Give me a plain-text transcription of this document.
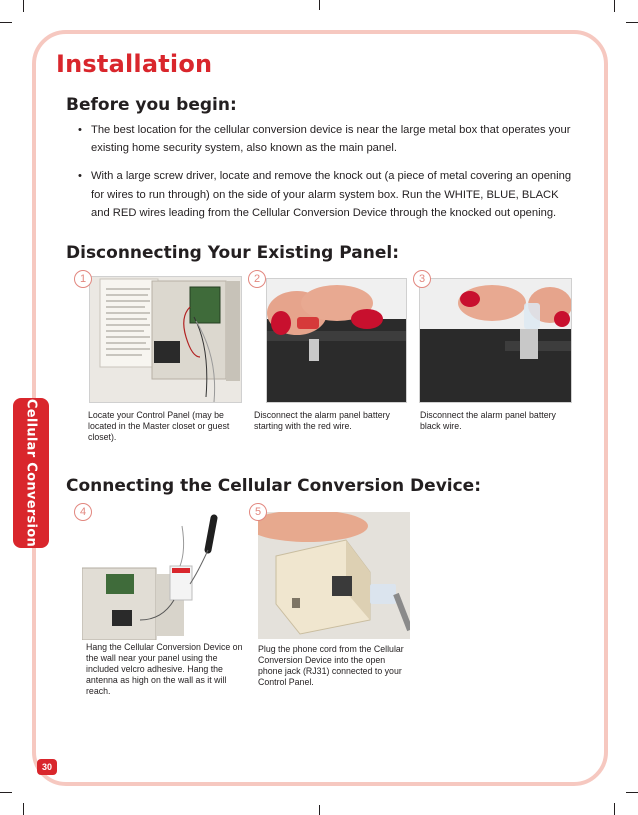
Cellular Conversion
30
Installation
Before you begin:
• The best location for the cellular conversion device is near the large metal box that operates your existing home security system, also known as the main panel.
• With a large screw driver, locate and remove the knock out (a piece of metal covering an opening for wires to run through) on the side of your alarm system box. Run the WHITE, BLUE, BLACK and RED wires leading from the Cellular Conversion Device through the knocked out opening.
Disconnecting Your Existing Panel:
1	2	3
Locate your Control Panel (may be located in the Master closet or guest closet).
Disconnect the alarm panel battery starting with the red wire.
Disconnect the alarm panel battery black wire.
Connecting the Cellular Conversion Device:
4	5
Hang the Cellular Conversion Device on the wall near your panel using the included velcro adhesive. Hang the antenna as high on the wall as it will reach.
Plug the phone cord from the Cellular Conversion Device into the open phone jack (RJ31) connected to your Control Panel.
